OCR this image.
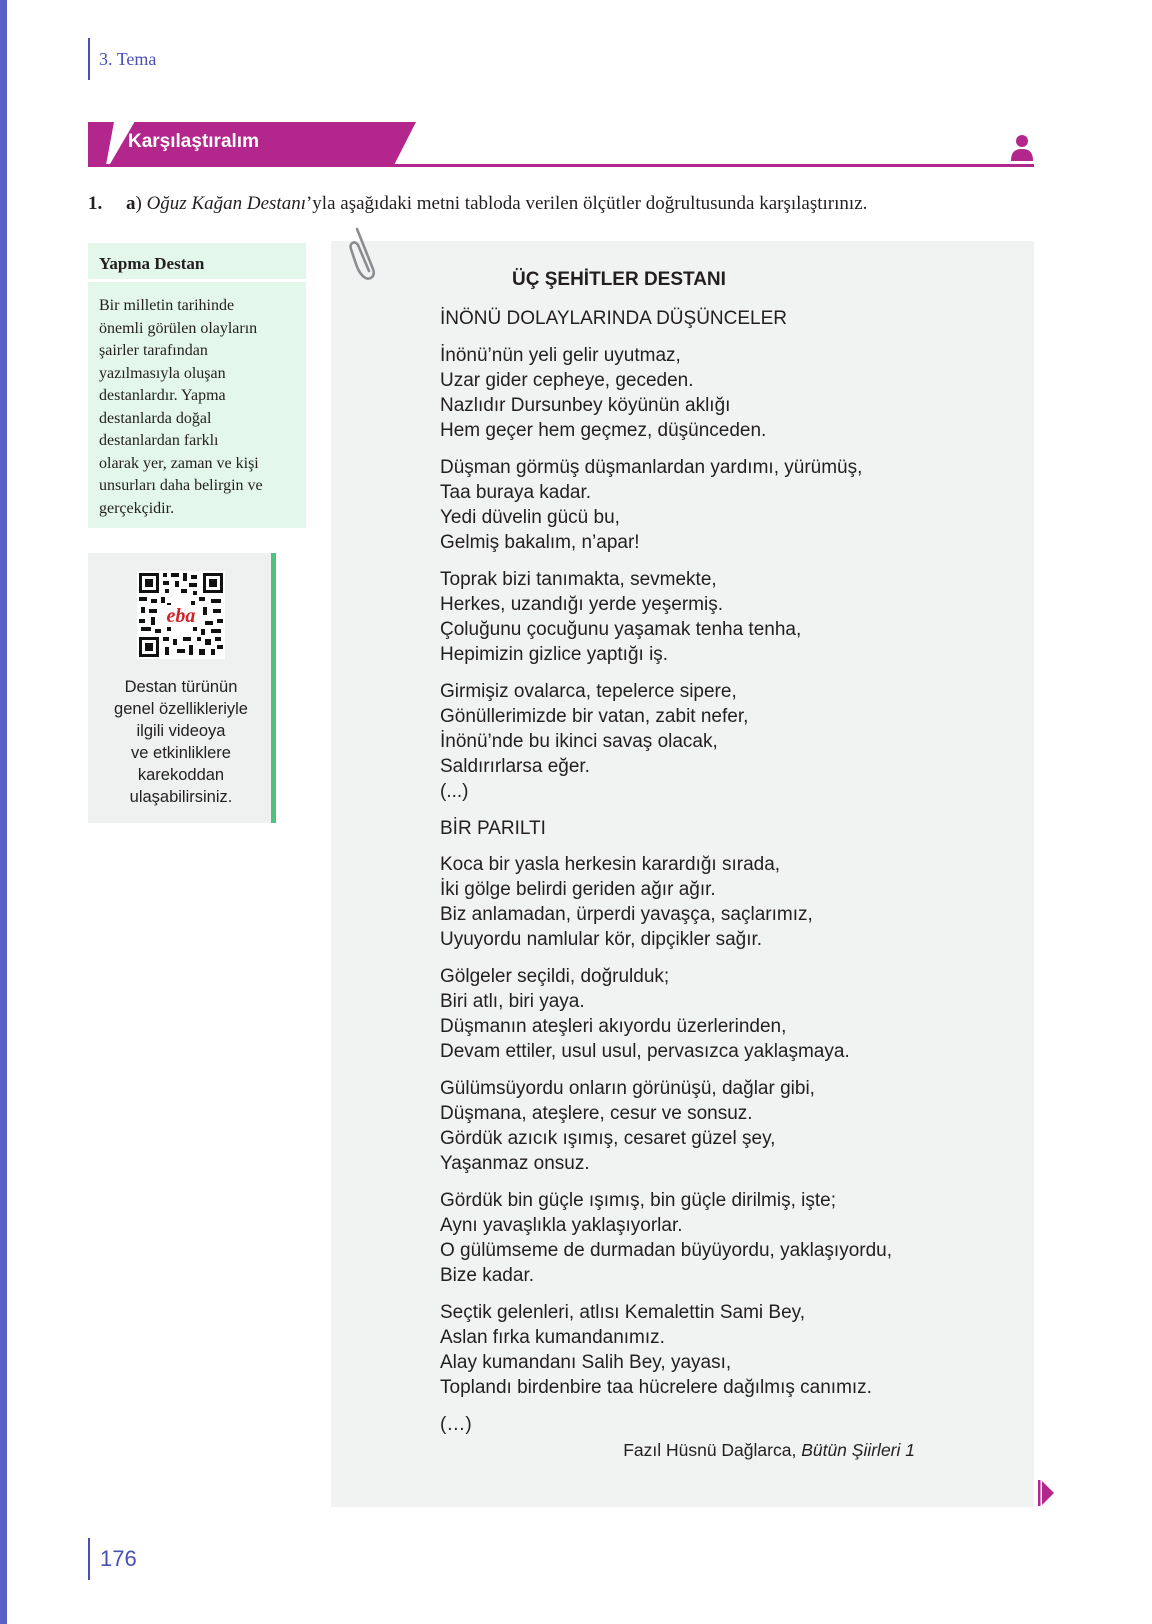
3. Tema
Karşılaştıralım
1. a) Oğuz Kağan Destanı’yla aşağıdaki metni tabloda verilen ölçütler doğrultusunda karşılaştırınız.
Yapma Destan
Bir milletin tarihinde
önemli görülen olayların
şairler tarafından
yazılmasıyla oluşan
destanlardır. Yapma
destanlarda doğal
destanlardan farklı
olarak yer, zaman ve kişi
unsurları daha belirgin ve
gerçekçidir.
eba
Destan türünün
genel özellikleriyle
ilgili videoya
ve etkinliklere
karekoddan
ulaşabilirsiniz.
ÜÇ ŞEHİTLER DESTANI
İNÖNÜ DOLAYLARINDA DÜŞÜNCELER
İnönü’nün yeli gelir uyutmaz,
Uzar gider cepheye, geceden.
Nazlıdır Dursunbey köyünün aklığı
Hem geçer hem geçmez, düşünceden.
Düşman görmüş düşmanlardan yardımı, yürümüş,
Taa buraya kadar.
Yedi düvelin gücü bu,
Gelmiş bakalım, n’apar!
Toprak bizi tanımakta, sevmekte,
Herkes, uzandığı yerde yeşermiş.
Çoluğunu çocuğunu yaşamak tenha tenha,
Hepimizin gizlice yaptığı iş.
Girmişiz ovalarca, tepelerce sipere,
Gönüllerimizde bir vatan, zabit nefer,
İnönü’nde bu ikinci savaş olacak,
Saldırırlarsa eğer.
(...)
BİR PARILTI
Koca bir yasla herkesin karardığı sırada,
İki gölge belirdi geriden ağır ağır.
Biz anlamadan, ürperdi yavaşça, saçlarımız,
Uyuyordu namlular kör, dipçikler sağır.
Gölgeler seçildi, doğrulduk;
Biri atlı, biri yaya.
Düşmanın ateşleri akıyordu üzerlerinden,
Devam ettiler, usul usul, pervasızca yaklaşmaya.
Gülümsüyordu onların görünüşü, dağlar gibi,
Düşmana, ateşlere, cesur ve sonsuz.
Gördük azıcık ışımış, cesaret güzel şey,
Yaşanmaz onsuz.
Gördük bin güçle ışımış, bin güçle dirilmiş, işte;
Aynı yavaşlıkla yaklaşıyorlar.
O gülümseme de durmadan büyüyordu, yaklaşıyordu,
Bize kadar.
Seçtik gelenleri, atlısı Kemalettin Sami Bey,
Aslan fırka kumandanımız.
Alay kumandanı Salih Bey, yayası,
Toplandı birdenbire taa hücrelere dağılmış canımız.
(…)
Fazıl Hüsnü Dağlarca, Bütün Şiirleri 1
176
